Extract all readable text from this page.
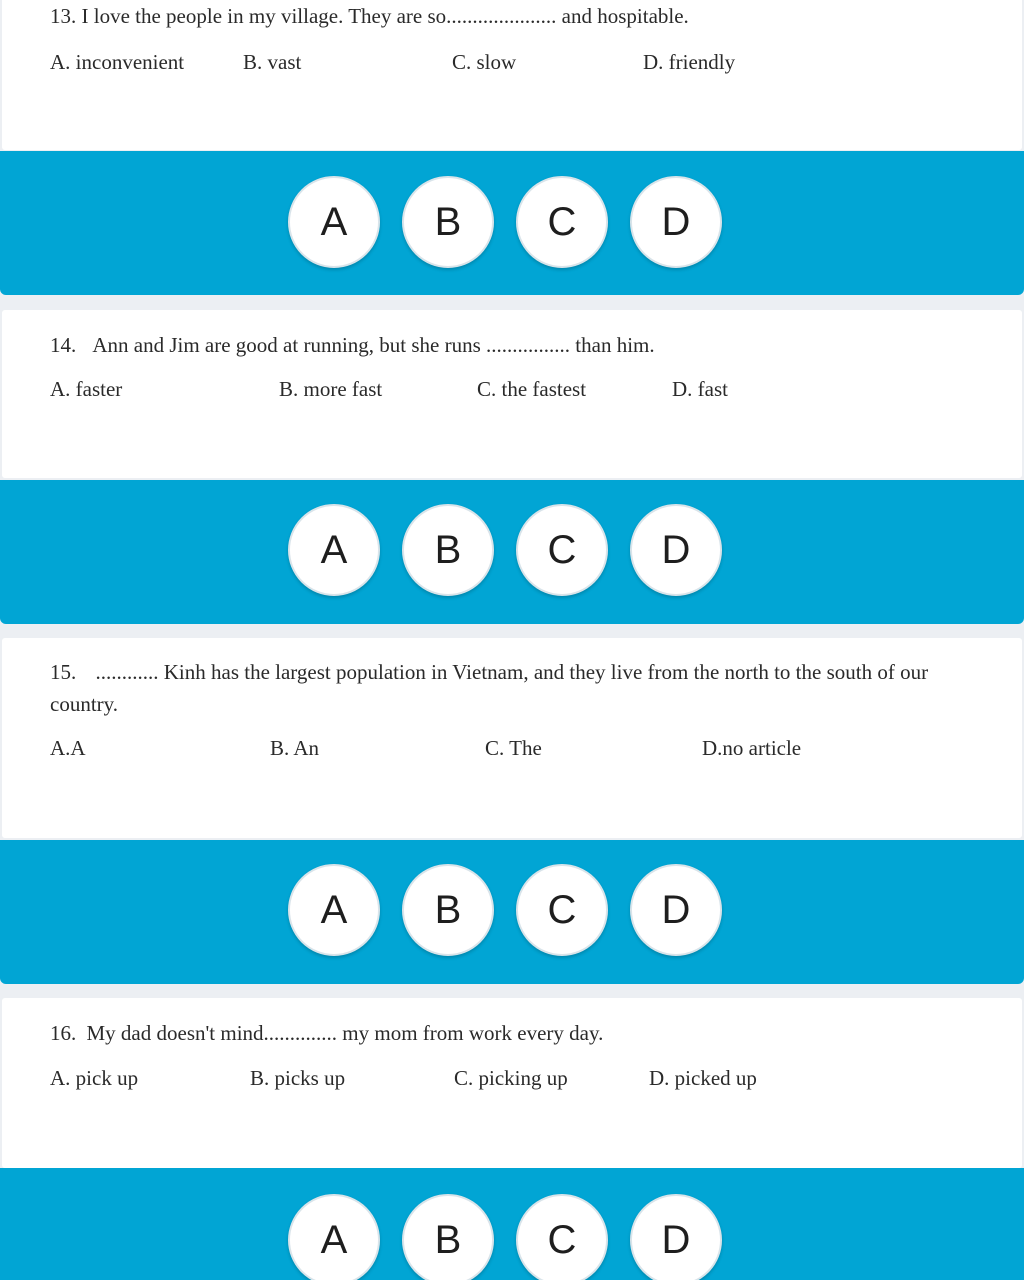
13. I love the people in my village. They are so..................... and hospitable.
A. inconvenient	B. vast	C. slow	D. friendly
A	B	C	D
14. Ann and Jim are good at running, but she runs ................ than him.
A. faster	B. more fast	C. the fastest	D. fast
A	B	C	D
15. ............ Kinh has the largest population in Vietnam, and they live from the north to the south of our country.
A.A	B. An	C. The	D.no article
A	B	C	D
16. My dad doesn't mind.............. my mom from work every day.
A. pick up	B. picks up	C. picking up	D. picked up
A	B	C	D
